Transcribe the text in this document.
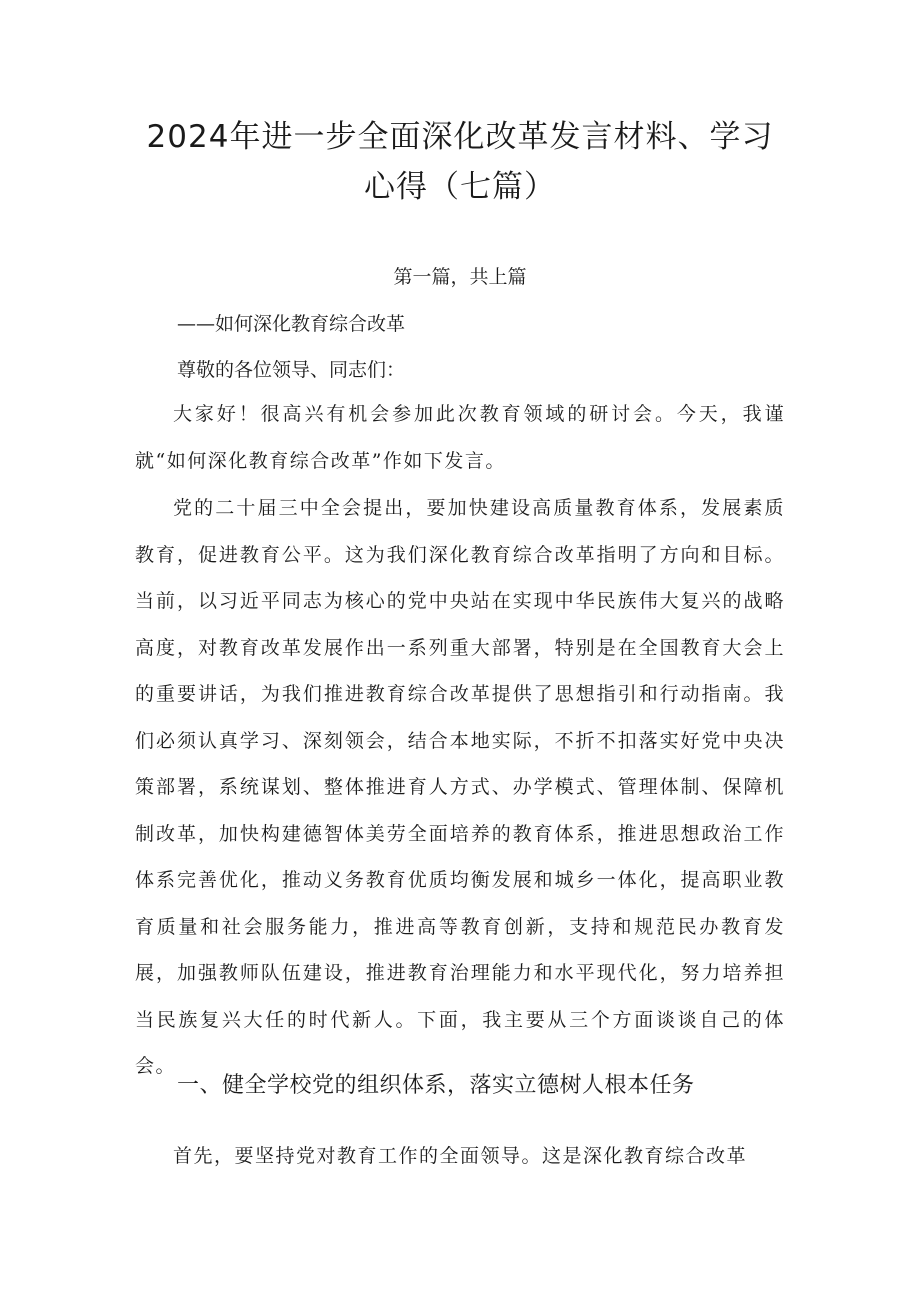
2024年进一步全面深化改革发言材料、学习
心得（七篇）
第一篇，共上篇

——如何深化教育综合改革

尊敬的各位领导、同志们：

大家好！很高兴有机会参加此次教育领域的研讨会。今天，我谨就“如何深化教育综合改革”作如下发言。

党的二十届三中全会提出，要加快建设高质量教育体系，发展素质教育，促进教育公平。这为我们深化教育综合改革指明了方向和目标。当前，以习近平同志为核心的党中央站在实现中华民族伟大复兴的战略高度，对教育改革发展作出一系列重大部署，特别是在全国教育大会上的重要讲话，为我们推进教育综合改革提供了思想指引和行动指南。我们必须认真学习、深刻领会，结合本地实际，不折不扣落实好党中央决策部署，系统谋划、整体推进育人方式、办学模式、管理体制、保障机制改革，加快构建德智体美劳全面培养的教育体系，推进思想政治工作体系完善优化，推动义务教育优质均衡发展和城乡一体化，提高职业教育质量和社会服务能力，推进高等教育创新，支持和规范民办教育发展，加强教师队伍建设，推进教育治理能力和水平现代化，努力培养担当民族复兴大任的时代新人。下面，我主要从三个方面谈谈自己的体会。

一、健全学校党的组织体系，落实立德树人根本任务

首先，要坚持党对教育工作的全面领导。这是深化教育综合改革
